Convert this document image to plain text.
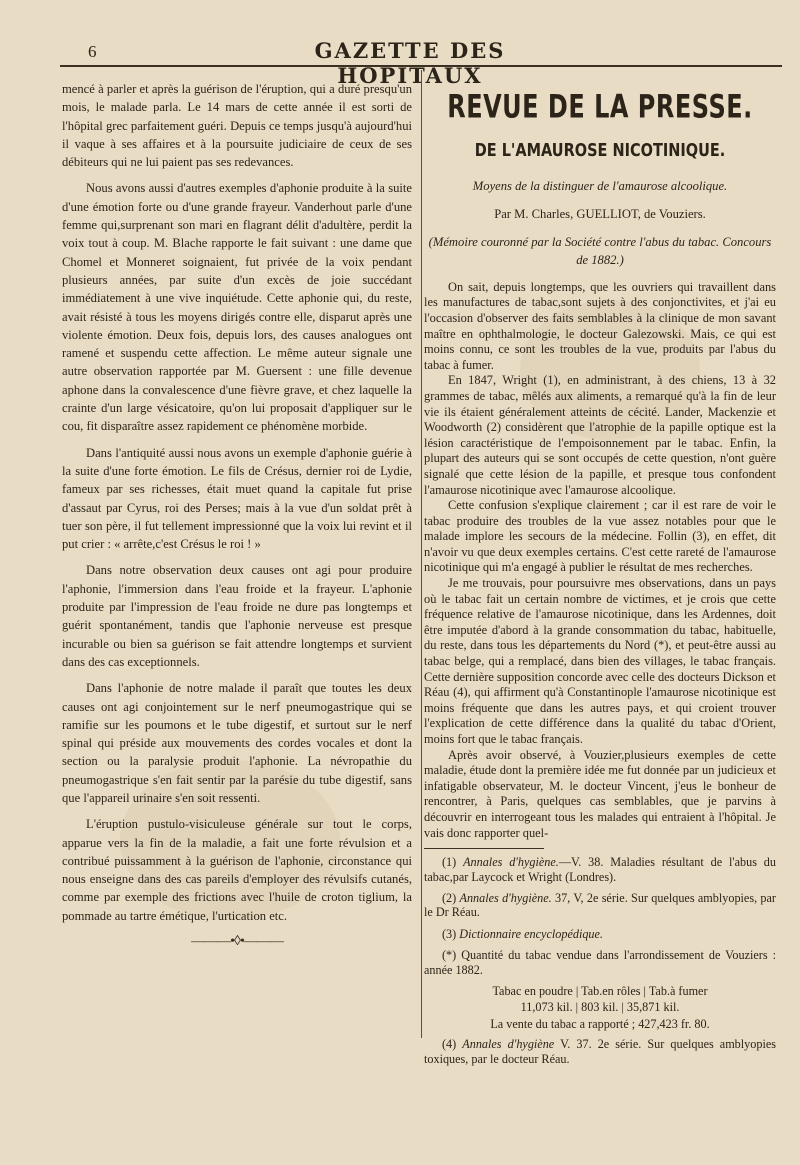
6	GAZETTE DES HOPITAUX

mencé à parler et après la guérison de l'éruption, qui a duré presqu'un mois, le malade parla. Le 14 mars de cette année il est sorti de l'hôpital grec parfaitement guéri. Depuis ce temps jusqu'à aujourd'hui il vaque à ses affaires et à la poursuite judiciaire de ceux de ses débiteurs qui ne lui paient pas ses redevances.

Nous avons aussi d'autres exemples d'aphonie produite à la suite d'une émotion forte ou d'une grande frayeur. Vanderhout parle d'une femme qui,surprenant son mari en flagrant délit d'adultère, perdit la voix tout à coup. M. Blache rapporte le fait suivant : une dame que Chomel et Monneret soignaient, fut privée de la voix pendant plusieurs années, par suite d'un excès de joie succédant immédiatement à une vive inquiétude. Cette aphonie qui, du reste, avait résisté à tous les moyens dirigés contre elle, disparut après une violente émotion. Deux fois, depuis lors, des causes analogues ont ramené et suspendu cette affection. Le même auteur signale une autre observation rapportée par M. Guersent : une fille devenue aphone dans la convalescence d'une fièvre grave, et chez laquelle la crainte d'un large vésicatoire, qu'on lui proposait d'appliquer sur le cou, fit disparaître assez rapidement ce phénomène morbide.

Dans l'antiquité aussi nous avons un exemple d'aphonie guérie à la suite d'une forte émotion. Le fils de Crésus, dernier roi de Lydie, fameux par ses richesses, était muet quand la capitale fut prise d'assaut par Cyrus, roi des Perses; mais à la vue d'un soldat prêt à tuer son père, il fut tellement impressionné que la voix lui revint et il put crier : « arrête,c'est Crésus le roi ! »

Dans notre observation deux causes ont agi pour produire l'aphonie, l'immersion dans l'eau froide et la frayeur. L'aphonie produite par l'impression de l'eau froide ne dure pas longtemps et guérit spontanément, tandis que l'aphonie nerveuse est presque incurable ou bien sa guérison se fait attendre longtemps et survient dans des cas exceptionnels.

Dans l'aphonie de notre malade il paraît que toutes les deux causes ont agi conjointement sur le nerf pneumogastrique qui se ramifie sur les poumons et le tube digestif, et surtout sur le nerf spinal qui préside aux mouvements des cordes vocales et dont la section ou la paralysie produit l'aphonie. La névropathie du pneumogastrique s'en fait sentir par la parésie du tube digestif, sans que l'appareil urinaire s'en soit ressenti.

L'éruption pustulo-visiculeuse générale sur tout le corps, apparue vers la fin de la maladie, a fait une forte révulsion et a contribué puissamment à la guérison de l'aphonie, circonstance qui nous enseigne dans des cas pareils d'employer des révulsifs cutanés, comme par exemple des frictions avec l'huile de croton tiglium, la pommade au tartre émétique, l'urtication etc.

———•◊•———
REVUE DE LA PRESSE.
DE L'AMAUROSE NICOTINIQUE.
Moyens de la distinguer de l'amaurose alcoolique.
Par M. Charles, GUELLIOT, de Vouziers.
(Mémoire couronné par la Société contre l'abus du tabac. Concours de 1882.)

On sait, depuis longtemps, que les ouvriers qui travaillent dans les manufactures de tabac,sont sujets à des conjonctivites, et j'ai eu l'occasion d'observer des faits semblables à la clinique de mon savant maître en ophthalmologie, le docteur Galezowski. Mais, ce qui est moins connu, ce sont les troubles de la vue, produits par l'abus du tabac à fumer.

En 1847, Wright (1), en administrant, à des chiens, 13 à 32 grammes de tabac, mêlés aux aliments, a remarqué qu'à la fin de leur vie ils étaient généralement atteints de cécité. Lander, Mackenzie et Woodworth (2) considèrent que l'atrophie de la papille optique est la lésion caractéristique de l'empoisonnement par le tabac. Enfin, la plupart des auteurs qui se sont occupés de cette question, n'ont guère signalé que cette lésion de la papille, et presque tous confondent l'amaurose nicotinique avec l'amaurose alcoolique.

Cette confusion s'explique clairement ; car il est rare de voir le tabac produire des troubles de la vue assez notables pour que le malade implore les secours de la médecine. Follin (3), en effet, dit n'avoir vu que deux exemples certains. C'est cette rareté de l'amaurose nicotinique qui m'a engagé à publier le résultat de mes recherches.

Je me trouvais, pour poursuivre mes observations, dans un pays où le tabac fait un certain nombre de victimes, et je crois que cette fréquence relative de l'amaurose nicotinique, dans les Ardennes, doit être imputée d'abord à la grande consommation du tabac, habituelle, du reste, dans tous les départements du Nord (*), et peut-être aussi au tabac belge, qui a remplacé, dans bien des villages, le tabac français. Cette dernière supposition concorde avec celle des docteurs Dickson et Réau (4), qui affirment qu'à Constantinople l'amaurose nicotinique est moins fréquente que dans les autres pays, et qui croient trouver l'explication de cette différence dans la qualité du tabac d'Orient, moins fort que le tabac français.

Après avoir observé, à Vouzier,plusieurs exemples de cette maladie, étude dont la première idée me fut donnée par un judicieux et infatigable observateur, M. le docteur Vincent, j'eus le bonheur de rencontrer, à Paris, quelques cas semblables, que je parvins à découvrir en interrogeant tous les malades qui entraient à l'hôpital. Je vais donc rapporter quel-

(1) Annales d'hygiène.—V. 38. Maladies résultant de l'abus du tabac,par Laycock et Wright (Londres).
(2) Annales d'hygiène. 37, V, 2e série. Sur quelques amblyopies, par le Dr Réau.
(3) Dictionnaire encyclopédique.
(*) Quantité du tabac vendue dans l'arrondissement de Vouziers : année 1882.
Tabac en poudre | Tab.en rôles | Tab.à fumer
11,073 kil. | 803 kil. | 35,871 kil.
La vente du tabac a rapporté ; 427,423 fr. 80.
(4) Annales d'hygiène V. 37. 2e série. Sur quelques amblyopies toxiques, par le docteur Réau.
